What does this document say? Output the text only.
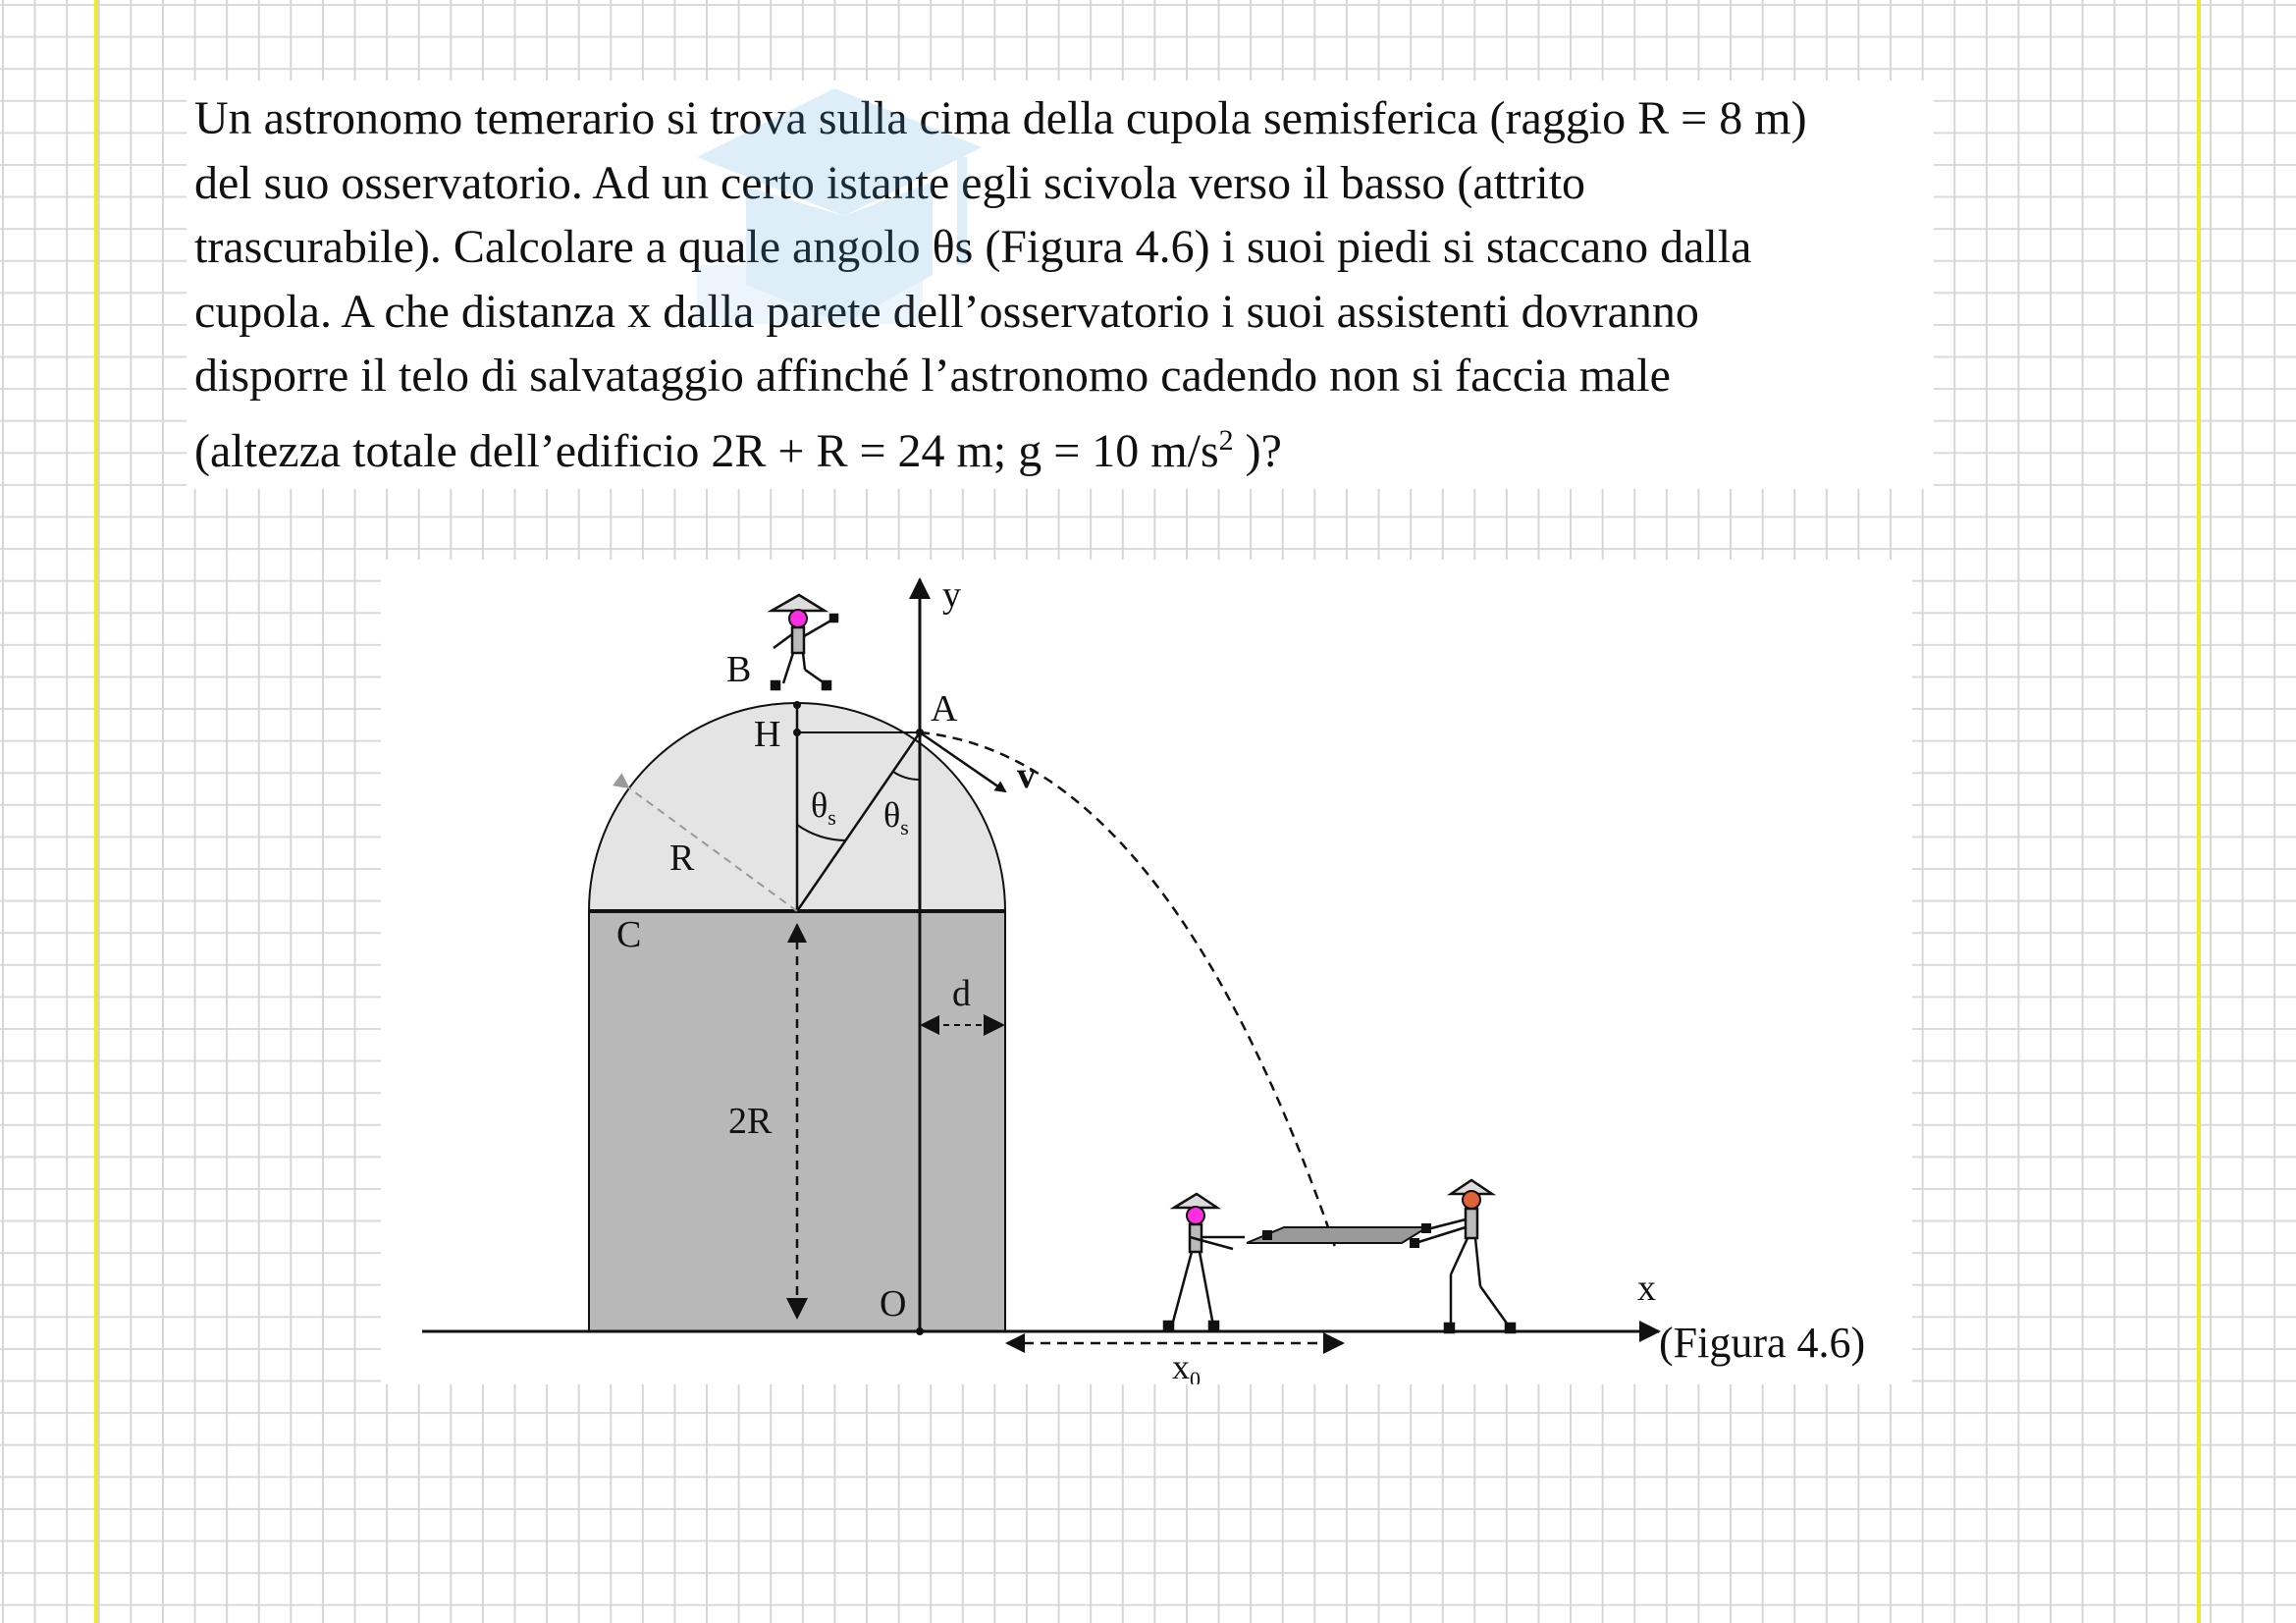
Un astronomo temerario si trova sulla cima della cupola semisferica (raggio R = 8 m)
del suo osservatorio. Ad un certo istante egli scivola verso il basso (attrito
trascurabile). Calcolare a quale angolo θs (Figura 4.6) i suoi piedi si staccano dalla
cupola. A che distanza x dalla parete dell’osservatorio i suoi assistenti dovranno
disporre il telo di salvataggio affinché l’astronomo cadendo non si faccia male
(altezza totale dell’edificio 2R + R = 24 m; g = 10 $m/s^2$ )?
y
x
A
B
H
C
O
R
2R
d
v
$\theta_s$ $\theta_s$
$x_0$
(Figura 4.6)
